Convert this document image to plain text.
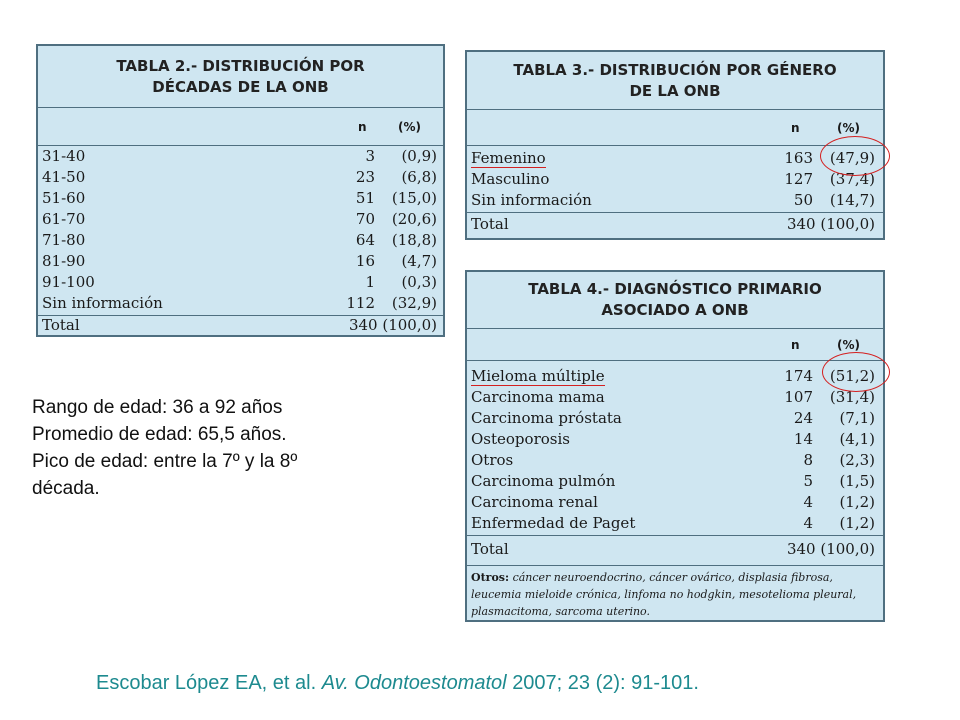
TABLA 2.- DISTRIBUCIÓN POR
DÉCADAS DE LA ONB
n	(%)
31-40	3 (0,9)
41-50	23 (6,8)
51-60	51 (15,0)
61-70	70 (20,6)
71-80	64 (18,8)
81-90	16 (4,7)
91-100	1 (0,3)
Sin información	112 (32,9)
Total	340 (100,0)
TABLA 3.- DISTRIBUCIÓN POR GÉNERO
DE LA ONB
n	(%)
Femenino	163 (47,9)
Masculino	127 (37,4)
Sin información	50 (14,7)
Total	340 (100,0)
TABLA 4.- DIAGNÓSTICO PRIMARIO
ASOCIADO A ONB
n	(%)
Mieloma múltiple	174 (51,2)
Carcinoma mama	107 (31,4)
Carcinoma próstata	24 (7,1)
Osteoporosis	14 (4,1)
Otros	8 (2,3)
Carcinoma pulmón	5 (1,5)
Carcinoma renal	4 (1,2)
Enfermedad de Paget	4 (1,2)
Total	340 (100,0)
Otros: cáncer neuroendocrino, cáncer ovárico, displasia fibrosa, leucemia mieloide crónica, linfoma no hodgkin, mesotelioma pleural, plasmacitoma, sarcoma uterino.
Rango de edad: 36 a 92 años
Promedio de edad: 65,5 años.
Pico de edad: entre la 7º y la 8º
década.
Escobar López EA, et al. Av. Odontoestomatol 2007; 23 (2): 91-101.
